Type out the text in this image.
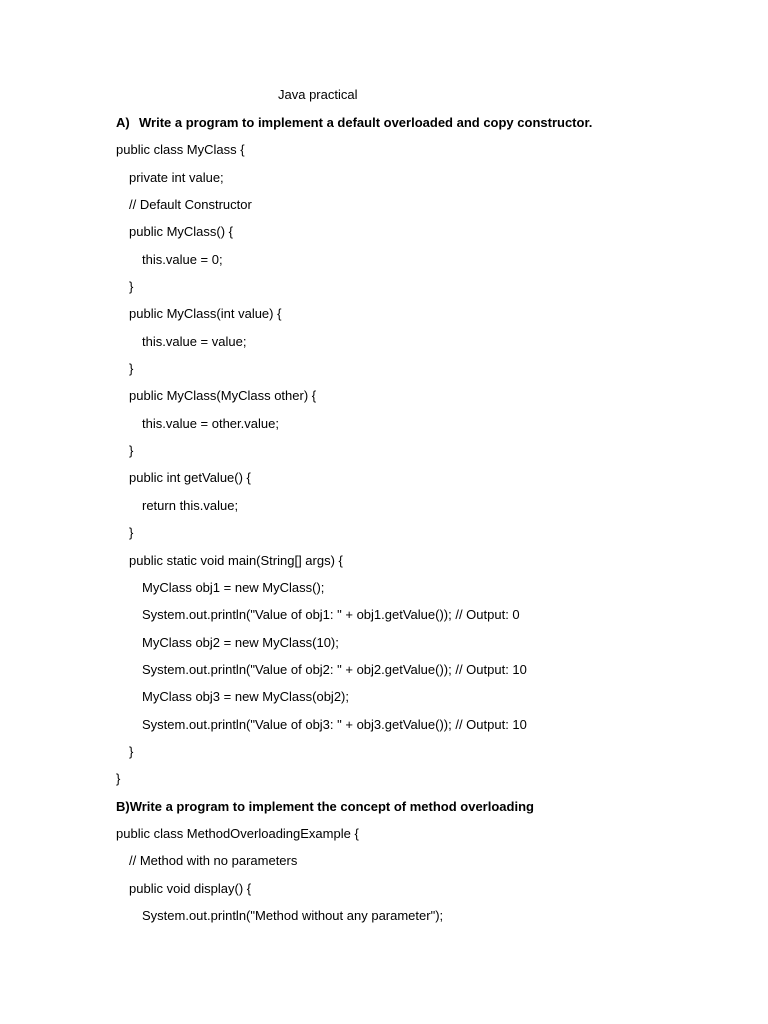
Java practical
A) Write a program to implement a default overloaded and copy constructor.
public class MyClass {
private int value;
// Default Constructor
public MyClass() {
this.value = 0;
}
public MyClass(int value) {
this.value = value;
}
public MyClass(MyClass other) {
this.value = other.value;
}
public int getValue() {
return this.value;
}
public static void main(String[] args) {
MyClass obj1 = new MyClass();
System.out.println("Value of obj1: " + obj1.getValue()); // Output: 0
MyClass obj2 = new MyClass(10);
System.out.println("Value of obj2: " + obj2.getValue()); // Output: 10
MyClass obj3 = new MyClass(obj2);
System.out.println("Value of obj3: " + obj3.getValue()); // Output: 10
}
}
B)Write a program to implement the concept of method overloading
public class MethodOverloadingExample {
// Method with no parameters
public void display() {
System.out.println("Method without any parameter");
